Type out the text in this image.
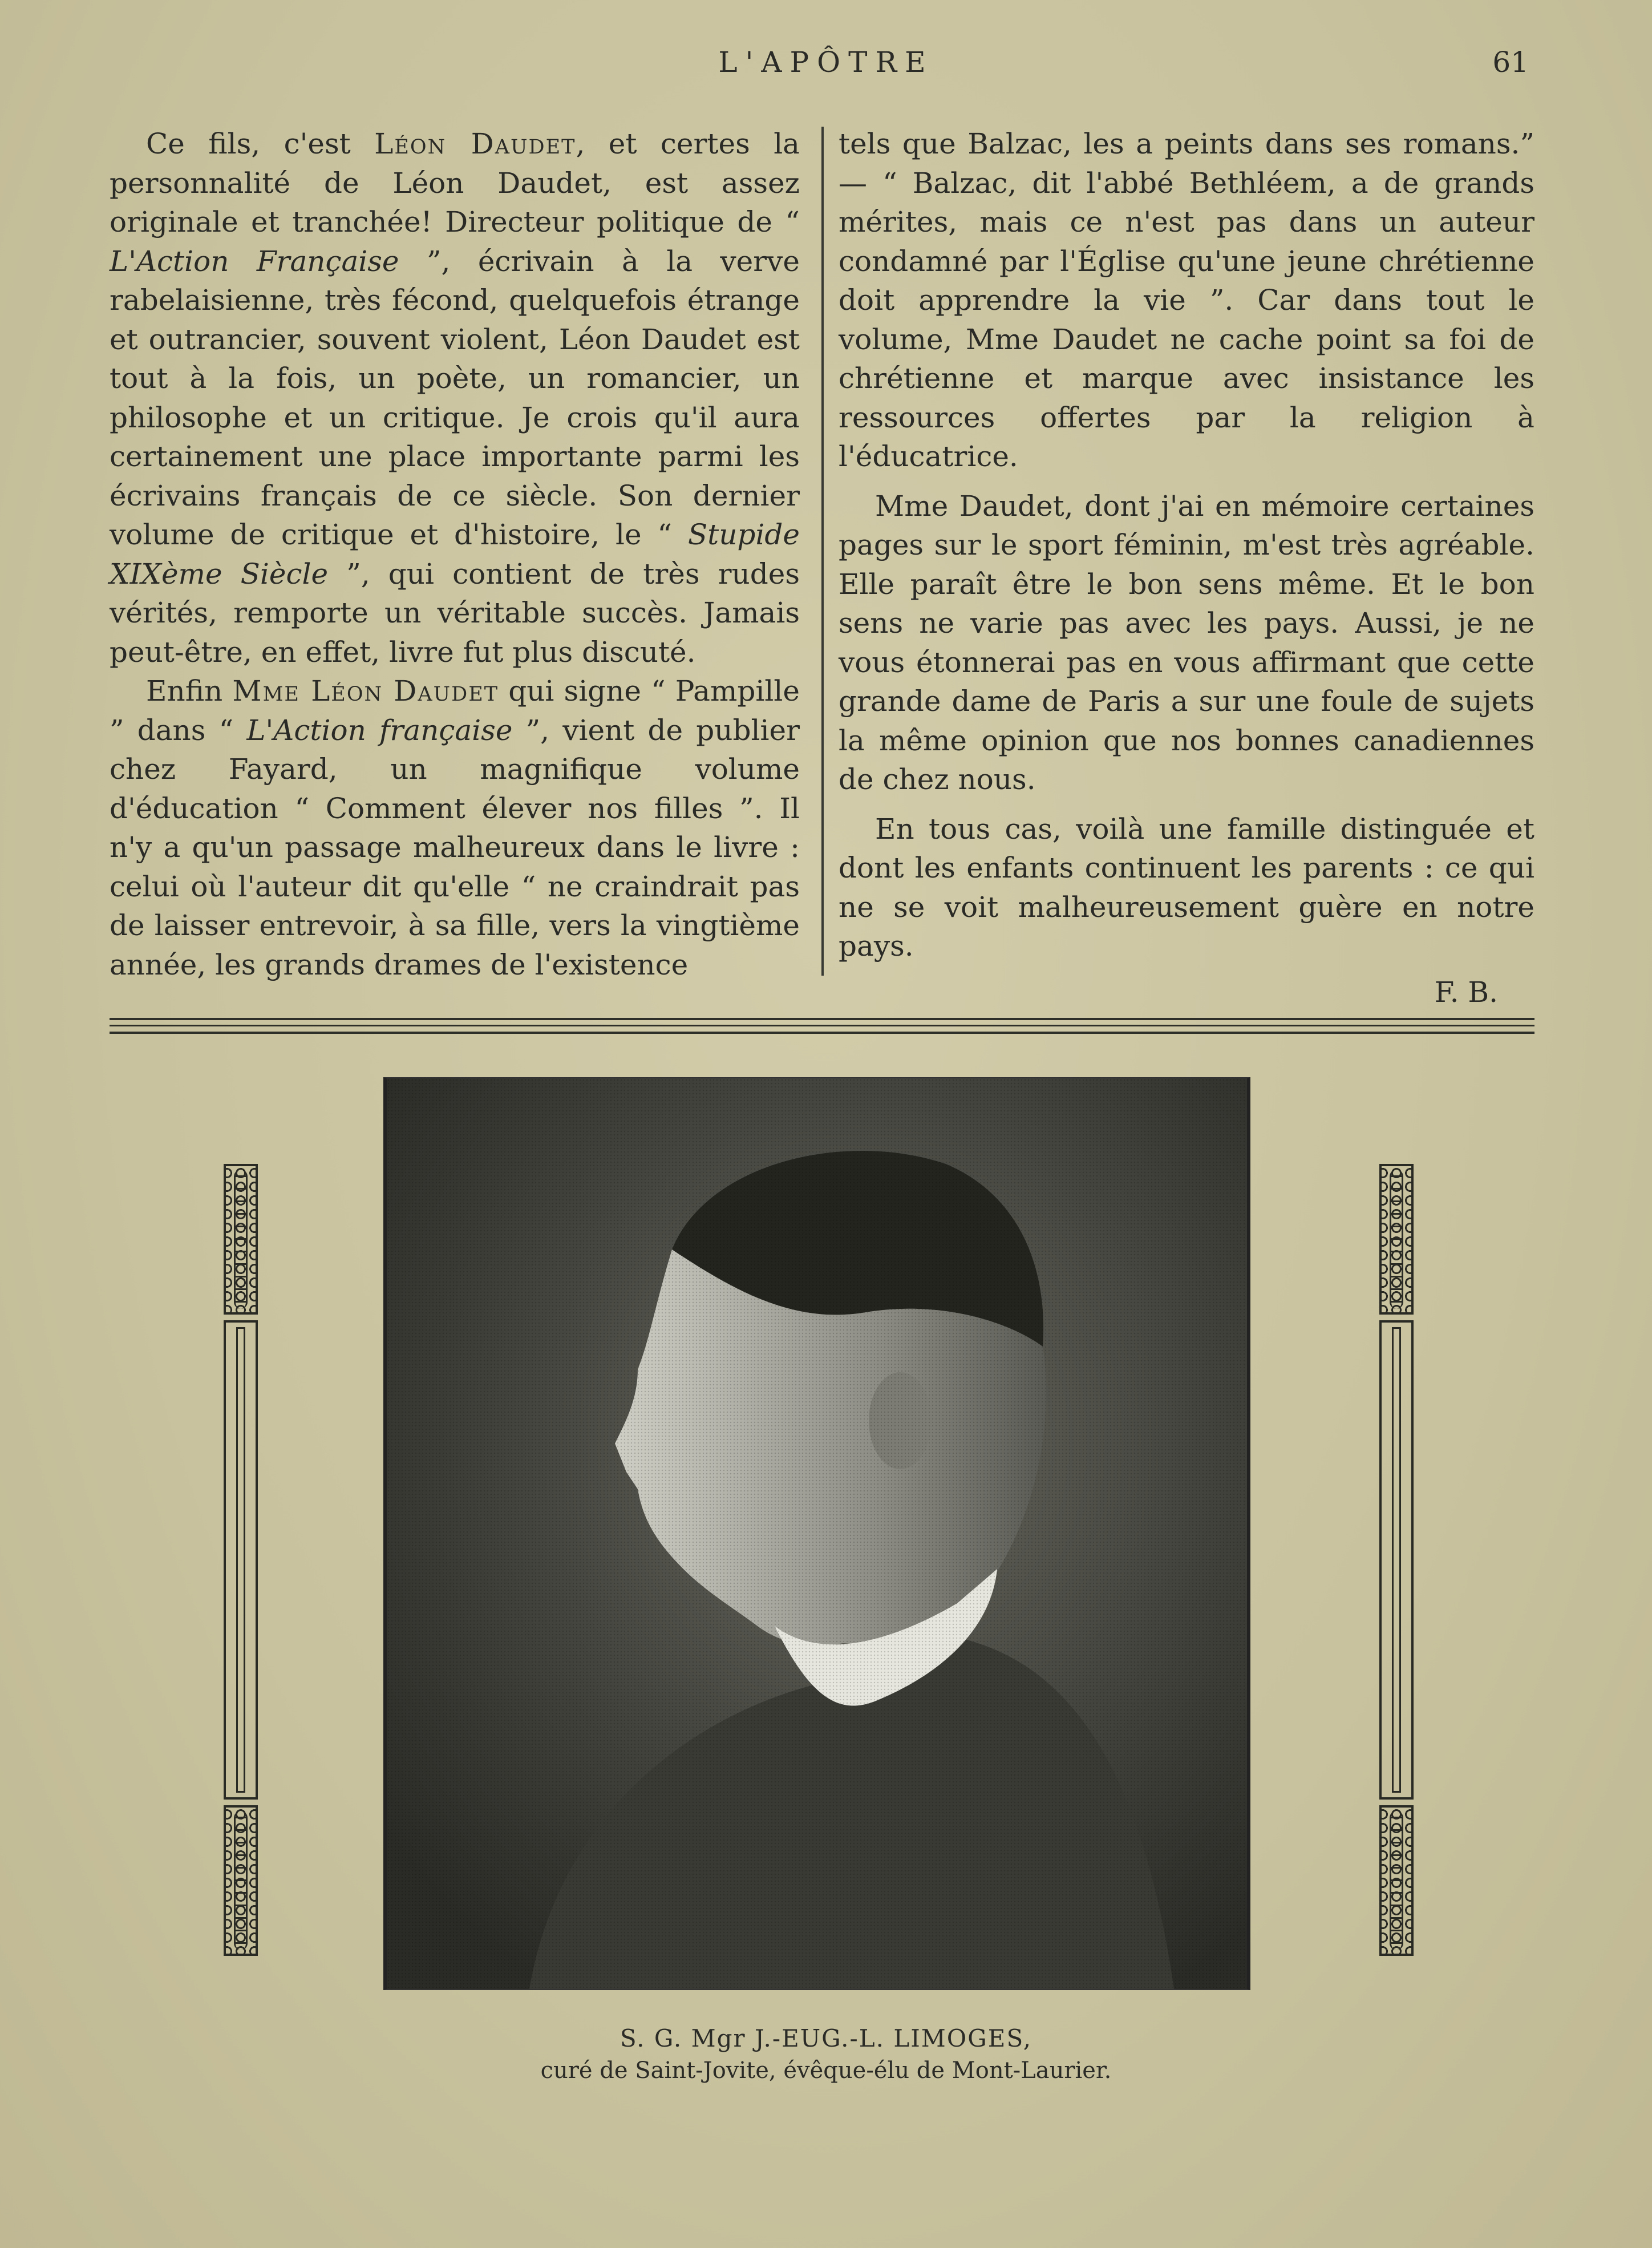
L'APÔTRE	61

Ce fils, c'est Léon Daudet, et certes la personnalité de Léon Daudet, est assez originale et tranchée! Directeur politique de “ L'Action Française ”, écrivain à la verve rabelaisienne, très fécond, quelquefois étrange et outrancier, souvent violent, Léon Daudet est tout à la fois, un poète, un romancier, un philosophe et un critique. Je crois qu'il aura certainement une place importante parmi les écrivains français de ce siècle. Son dernier volume de critique et d'histoire, le “ Stupide XIXème Siècle ”, qui contient de très rudes vérités, remporte un véritable succès. Jamais peut-être, en effet, livre fut plus discuté.

Enfin Mme Léon Daudet qui signe “ Pampille ” dans “ L'Action française ”, vient de publier chez Fayard, un magnifique volume d'éducation “ Comment élever nos filles ”. Il n'y a qu'un passage malheureux dans le livre : celui où l'auteur dit qu'elle “ ne craindrait pas de laisser entrevoir, à sa fille, vers la vingtième année, les grands drames de l'existence

tels que Balzac, les a peints dans ses romans.” — “ Balzac, dit l'abbé Bethléem, a de grands mérites, mais ce n'est pas dans un auteur condamné par l'Église qu'une jeune chrétienne doit apprendre la vie ”. Car dans tout le volume, Mme Daudet ne cache point sa foi de chrétienne et marque avec insistance les ressources offertes par la religion à l'éducatrice.

Mme Daudet, dont j'ai en mémoire certaines pages sur le sport féminin, m'est très agréable. Elle paraît être le bon sens même. Et le bon sens ne varie pas avec les pays. Aussi, je ne vous étonnerai pas en vous affirmant que cette grande dame de Paris a sur une foule de sujets la même opinion que nos bonnes canadiennes de chez nous.

En tous cas, voilà une famille distinguée et dont les enfants continuent les parents : ce qui ne se voit malheureusement guère en notre pays.

F. B.

S. G. Mgr J.-EUG.-L. LIMOGES,
curé de Saint-Jovite, évêque-élu de Mont-Laurier.
